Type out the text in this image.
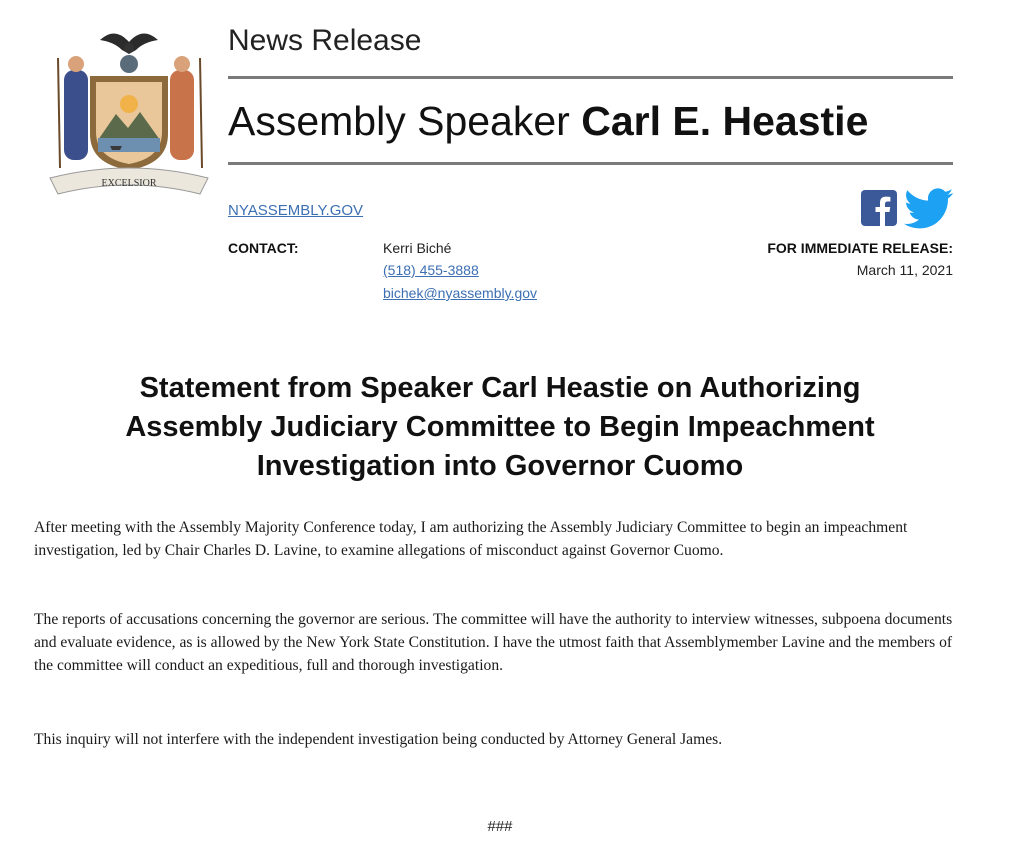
EXCELSIOR
News Release
Assembly Speaker Carl E. Heastie
NYASSEMBLY.GOV
CONTACT:	Kerri Biché
(518) 455-3888
bichek@nyassembly.gov
FOR IMMEDIATE RELEASE:
March 11, 2021
Statement from Speaker Carl Heastie on Authorizing
Assembly Judiciary Committee to Begin Impeachment
Investigation into Governor Cuomo
After meeting with the Assembly Majority Conference today, I am authorizing the Assembly Judiciary Committee to begin an impeachment investigation, led by Chair Charles D. Lavine, to examine allegations of misconduct against Governor Cuomo.
The reports of accusations concerning the governor are serious. The committee will have the authority to interview witnesses, subpoena documents and evaluate evidence, as is allowed by the New York State Constitution. I have the utmost faith that Assemblymember Lavine and the members of the committee will conduct an expeditious, full and thorough investigation.
This inquiry will not interfere with the independent investigation being conducted by Attorney General James.
###
